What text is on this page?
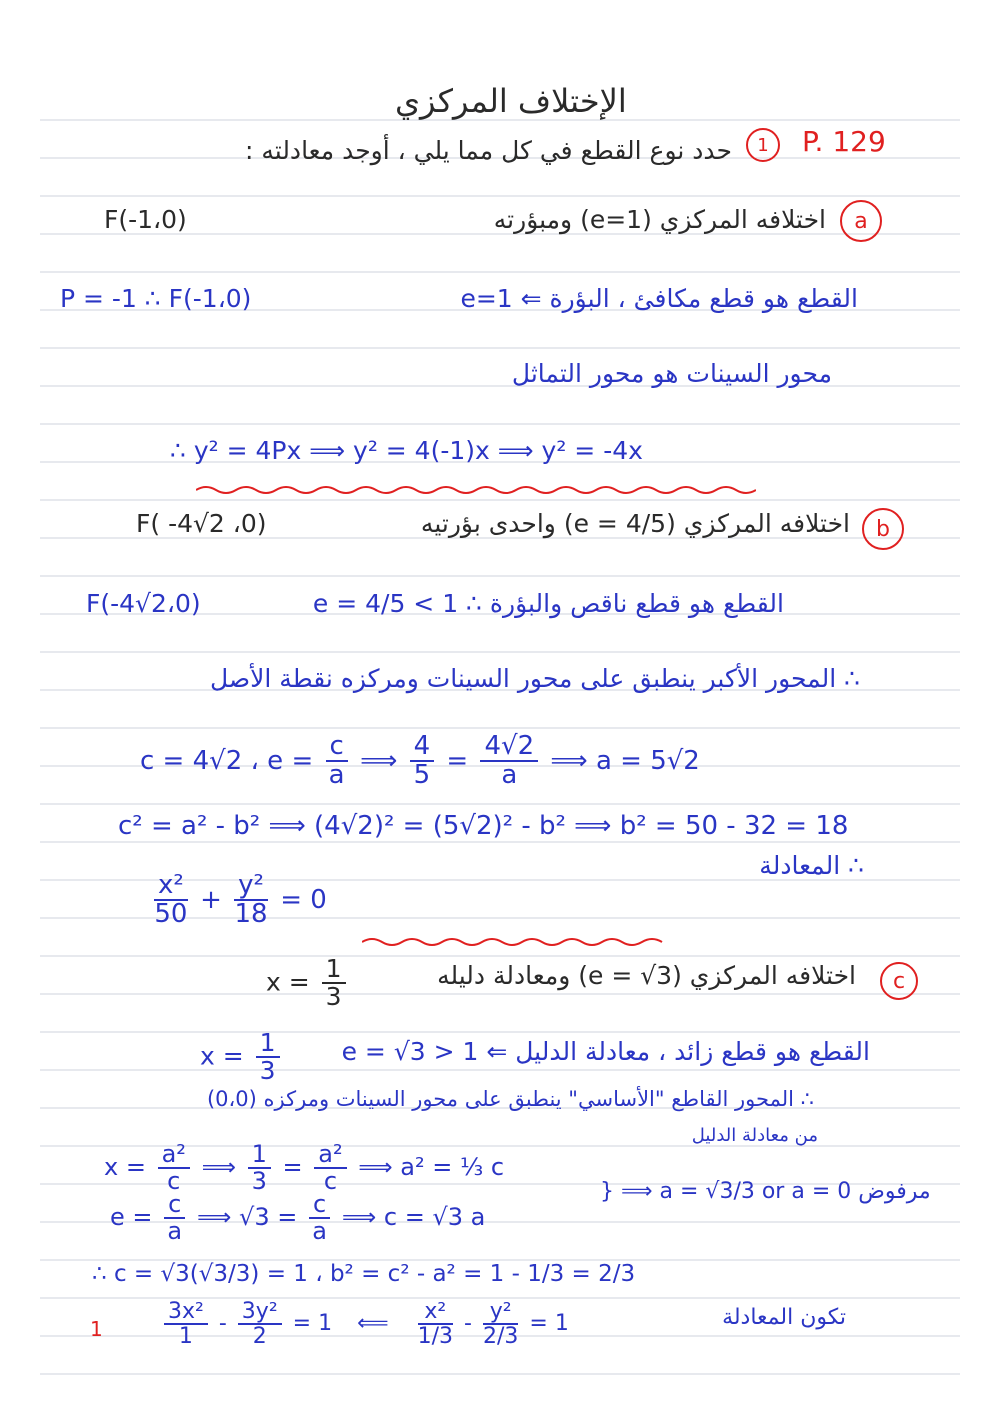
الإختلاف المركزي
P. 129
1
حدد نوع القطع في كل مما يلي ، أوجد معادلته :
a
اختلافه المركزي (e=1) ومبؤرته
F(-1،0)
e=1 ⇐ القطع هو قطع مكافئ ، البؤرة
P = -1 ∴ F(-1،0)
محور السينات هو محور التماثل
∴ y² = 4Px ⟹ y² = 4(-1)x ⟹ y² = -4x
b
اختلافه المركزي (e = 4/5) واحدى بؤرتيه
F( -4√2 ،0)
e = 4/5 < 1 ∴ القطع هو قطع ناقص والبؤرة
F(-4√2،0)
∴ المحور الأكبر ينطبق على محور السينات ومركزه نقطة الأصل
c = 4√2 ، $e = \frac{c}{a}$ ⟹ $\frac{4}{5} = \frac{4√2}{a}$ ⟹ a = 5√2
c² = a² - b² ⟹ (4√2)² = (5√2)² - b² ⟹ b² = 50 - 32 = 18
∴ المعادلة
$\frac{\text{x²}}{50} + \frac{\text{y²}}{18} = 0$
c
اختلافه المركزي (e = √3) ومعادلة دليله
$x = \frac{1}{3}$
e = √3 > 1 ⇐ القطع هو قطع زائد ، معادلة الدليل
$x = \frac{1}{3}$
∴ المحور القاطع "الأساسي" ينطبق على محور السينات ومركزه (0،0)
من معادلة الدليل
$x = \frac{\text{a²}}{c}$ ⟹ $\frac{1}{3} = \frac{\text{a²}}{c}$ ⟹ a² = ⅓ c
$e = \frac{c}{a}$ ⟹ $√3 = \frac{c}{a}$ ⟹ c = √3 a
} ⟹ a = √3/3 or a = 0 مرفوض
∴ c = √3(√3/3) = 1 ، b² = c² - a² = 1 - 1/3 = 2/3
1	$\frac{\text{3x²}}{1} - \frac{\text{3y²}}{2} = 1$ ⟸ $\frac{\text{x²}}{1/3} - \frac{\text{y²}}{2/3} = 1$	تكون المعادلة
